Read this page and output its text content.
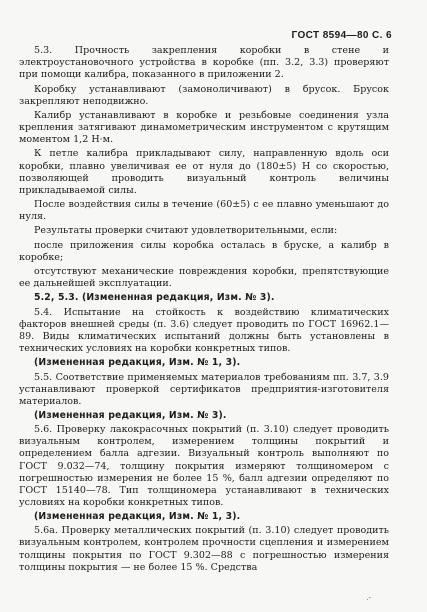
ГОСТ 8594—80 С. 6

5.3. Прочность закрепления коробки в стене и электроустановочного устройства в коробке (пп. 3.2, 3.3) проверяют при помощи калибра, показанного в приложении 2.

Коробку устанавливают (замоноличивают) в брусок. Брусок закрепляют неподвижно.

Калибр устанавливают в коробке и резьбовые соединения узла крепления затягивают динамометрическим инструментом с крутящим моментом 1,2 Н·м.

К петле калибра прикладывают силу, направленную вдоль оси коробки, плавно увеличивая ее от нуля до (180±5) Н со скоростью, позволяющей проводить визуальный контроль величины прикладываемой силы.

После воздействия силы в течение (60±5) с ее плавно уменьшают до нуля.

Результаты проверки считают удовлетворительными, если:

после приложения силы коробка осталась в бруске, а калибр в коробке;

отсутствуют механические повреждения коробки, препятствующие ее дальнейшей эксплуатации.

5.2, 5.3. (Измененная редакция, Изм. № 3).

5.4. Испытание на стойкость к воздействию климатических факторов внешней среды (п. 3.6) следует проводить по ГОСТ 16962.1—89. Виды климатических испытаний должны быть установлены в технических условиях на коробки конкретных типов.

(Измененная редакция, Изм. № 1, 3).

5.5. Соответствие применяемых материалов требованиям пп. 3.7, 3.9 устанавливают проверкой сертификатов предприятия-изготовителя материалов.

(Измененная редакция, Изм. № 3).

5.6. Проверку лакокрасочных покрытий (п. 3.10) следует проводить визуальным контролем, измерением толщины покрытий и определением балла адгезии. Визуальный контроль выполняют по ГОСТ 9.032—74, толщину покрытия измеряют толщиномером с погрешностью измерения не более 15 %, балл адгезии определяют по ГОСТ 15140—78. Тип толщиномера устанавливают в технических условиях на коробки конкретных типов.

(Измененная редакция, Изм. № 1, 3).

5.6а. Проверку металлических покрытий (п. 3.10) следует проводить визуальным контролем, контролем прочности сцепления и измерением толщины покрытия по ГОСТ 9.302—88 с погрешностью измерения толщины покрытия — не более 15 %. Средства

.-
